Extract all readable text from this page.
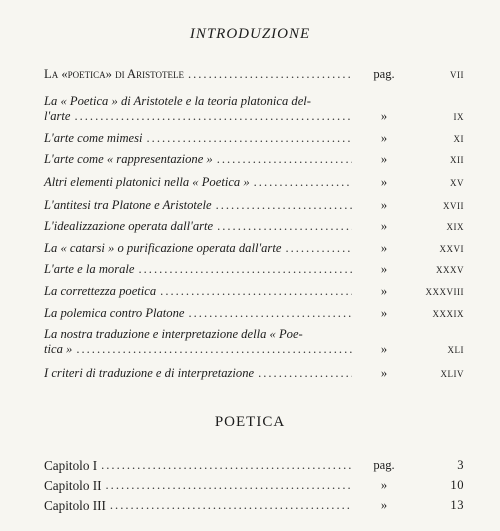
INTRODUZIONE
La «poetica» di Aristotele .....	pag.	vii
La « Poetica » di Aristotele e la teoria platonica del-
l'arte .....	»	ix
L'arte come mimesi .....	»	xi
L'arte come « rappresentazione » .....	»	xii
Altri elementi platonici nella « Poetica » .....	»	xv
L'antitesi tra Platone e Aristotele .....	»	xvii
L'idealizzazione operata dall'arte .....	»	xix
La « catarsi » o purificazione operata dall'arte .....	»	xxvi
L'arte e la morale .....	»	xxxv
La correttezza poetica .....	»	xxxviii
La polemica contro Platone .....	»	xxxix
La nostra traduzione e interpretazione della « Poe-
tica » .....	»	xli
I criteri di traduzione e di interpretazione .....	»	xliv
POETICA
Capitolo I .....	pag.	3
Capitolo II .....	»	10
Capitolo III .....	»	13
